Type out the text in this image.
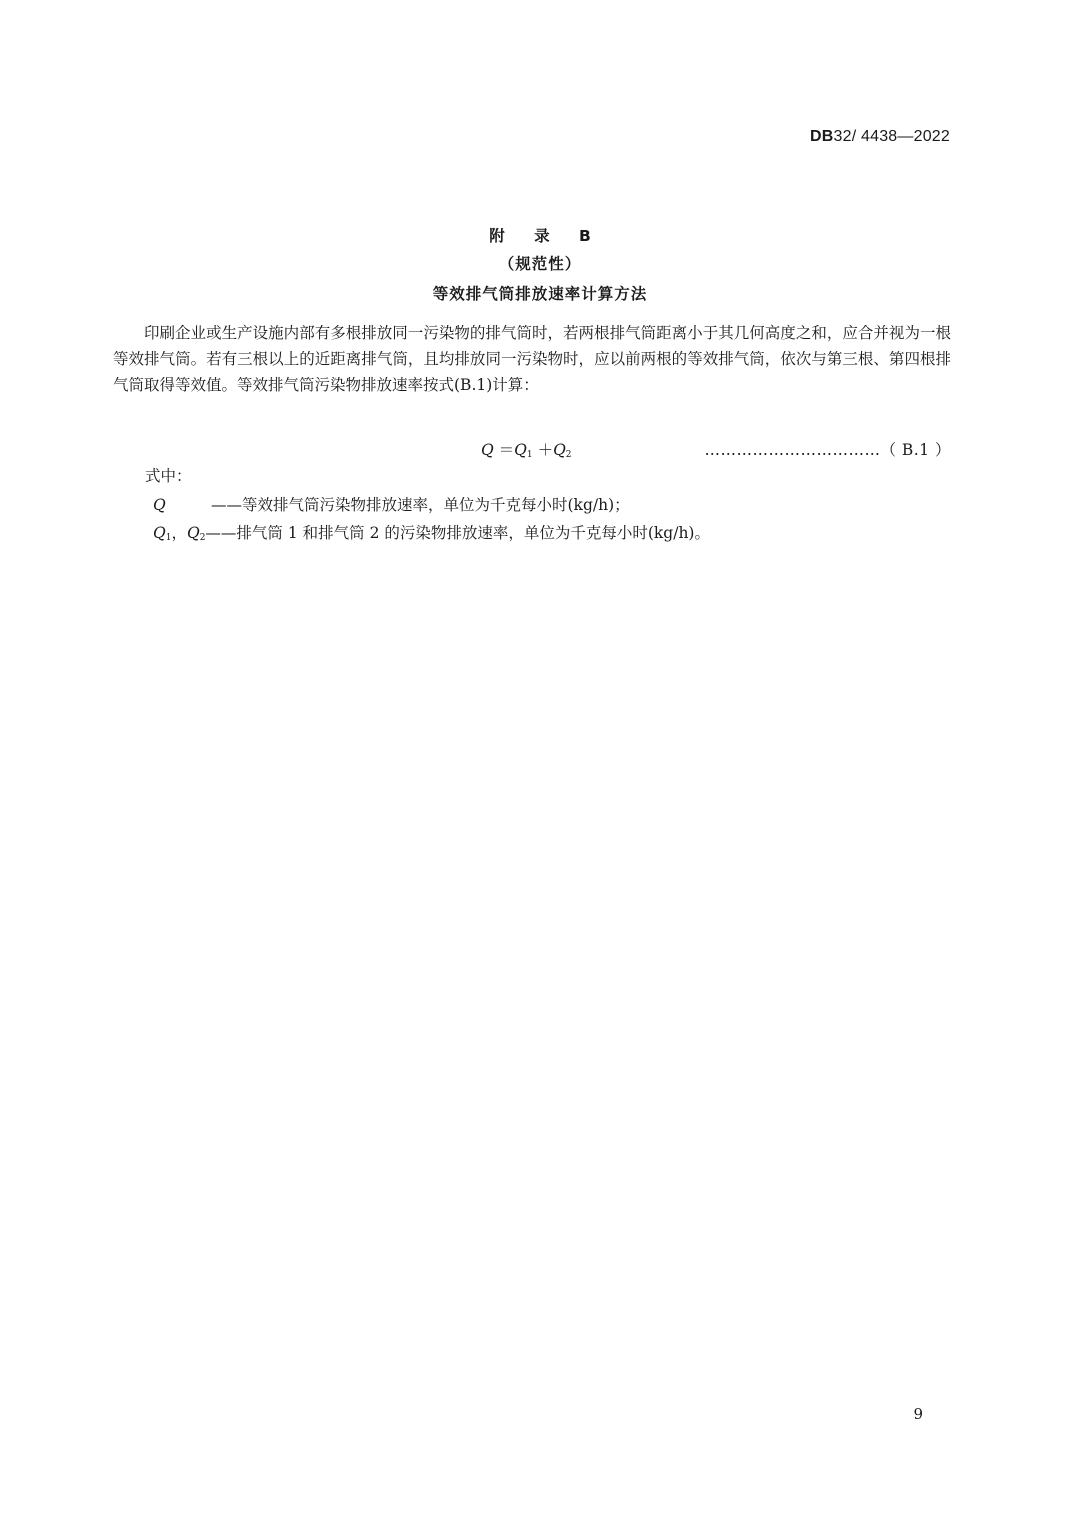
DB32/ 4438—2022
附 录 B
（规范性）
等效排气筒排放速率计算方法

印刷企业或生产设施内部有多根排放同一污染物的排气筒时，若两根排气筒距离小于其几何高度之和，应合并视为一根等效排气筒。若有三根以上的近距离排气筒，且均排放同一污染物时，应以前两根的等效排气筒，依次与第三根、第四根排气筒取得等效值。等效排气筒污染物排放速率按式(B.1)计算：

$Q =Q_1 +Q_2$	……………………………（ B.1 ）
式中：
Q	——等效排气筒污染物排放速率，单位为千克每小时(kg/h)；
$Q_1$，$Q_2——$排气筒 1 和排气筒 2 的污染物排放速率，单位为千克每小时(kg/h)。
9
